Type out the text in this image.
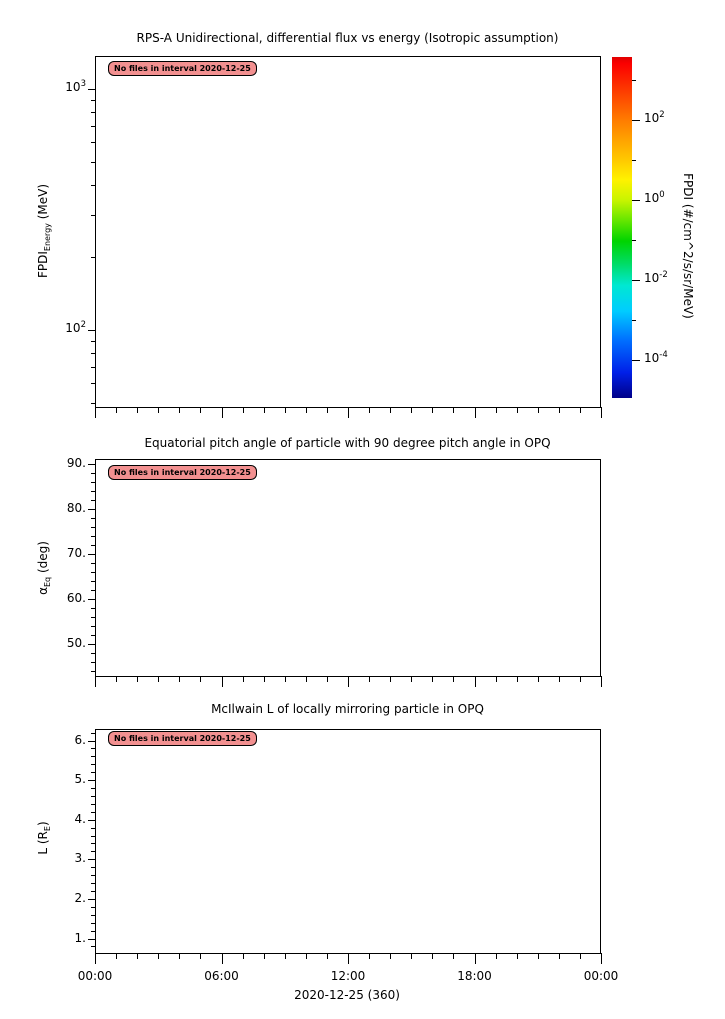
RPS-A Unidirectional, differential flux vs energy (Isotropic assumption)
No files in interval 2020-12-25
$FPDI_{Energy}$ (MeV)
Equatorial pitch angle of particle with 90 degree pitch angle in OPQ
No files in interval 2020-12-25
$\alpha_{Eq}$ (deg)
McIlwain L of locally mirroring particle in OPQ
No files in interval 2020-12-25
L $(R_E)$
FPDI (#/cm^2/s/sr/MeV)
2020-12-25 (360)
$10^3$
$10^2$
90.
80.
70.
60.
50.
6.
5.
4.
3.
2.
1.
00:00	06:00	12:00	18:00	00:00
$10^2$
$10^0$
$10^{-2}$
$10^{-4}$
